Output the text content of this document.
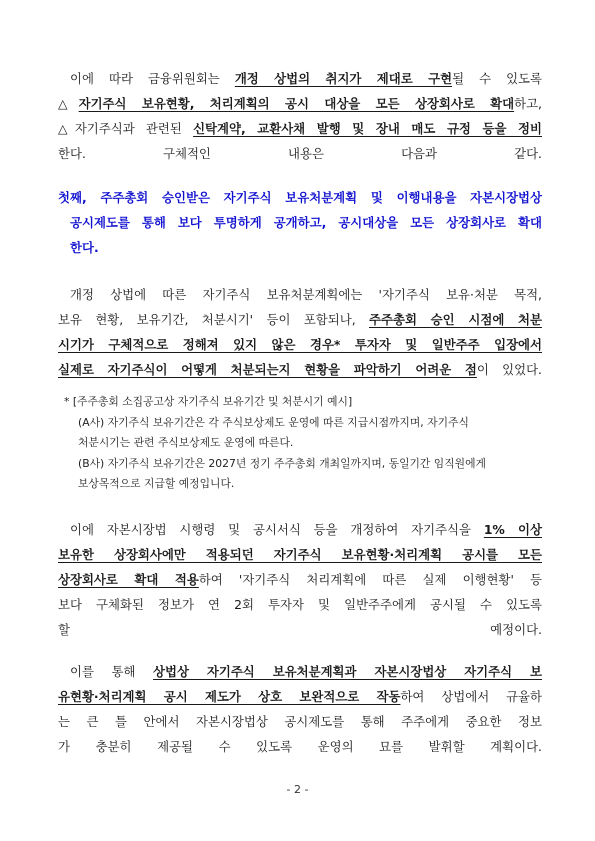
이에 따라 금융위원회는 개정 상법의 취지가 제대로 구현될 수 있도록
△자기주식 보유현황, 처리계획의 공시 대상을 모든 상장회사로 확대하고,
△자기주식과 관련된 신탁계약, 교환사채 발행 및 장내 매도 규정 등을 정비
한다. 구체적인 내용은 다음과 같다.
첫째, 주주총회 승인받은 자기주식 보유처분계획 및 이행내용을 자본시장법상
공시제도를 통해 보다 투명하게 공개하고, 공시대상을 모든 상장회사로 확대
한다.
개정 상법에 따른 자기주식 보유처분계획에는 '자기주식 보유·처분 목적,
보유 현황, 보유기간, 처분시기' 등이 포함되나, 주주총회 승인 시점에 처분
시기가 구체적으로 정해져 있지 않은 경우* 투자자 및 일반주주 입장에서
실제로 자기주식이 어떻게 처분되는지 현황을 파악하기 어려운 점이 있었다.
* [주주총회 소집공고상 자기주식 보유기간 및 처분시기 예시]
(A사) 자기주식 보유기간은 각 주식보상제도 운영에 따른 지급시점까지며, 자기주식
처분시기는 관련 주식보상제도 운영에 따른다.
(B사) 자기주식 보유기간은 2027년 정기 주주총회 개최일까지며, 동일기간 임직원에게
보상목적으로 지급할 예정입니다.
이에 자본시장법 시행령 및 공시서식 등을 개정하여 자기주식을 1% 이상
보유한 상장회사에만 적용되던 자기주식 보유현황·처리계획 공시를 모든
상장회사로 확대 적용하여 '자기주식 처리계획에 따른 실제 이행현황' 등
보다 구체화된 정보가 연 2회 투자자 및 일반주주에게 공시될 수 있도록
할 예정이다.
이를 통해 상법상 자기주식 보유처분계획과 자본시장법상 자기주식 보
유현황·처리계획 공시 제도가 상호 보완적으로 작동하여 상법에서 규율하
는 큰 틀 안에서 자본시장법상 공시제도를 통해 주주에게 중요한 정보
가 충분히 제공될 수 있도록 운영의 묘를 발휘할 계획이다.
- 2 -
